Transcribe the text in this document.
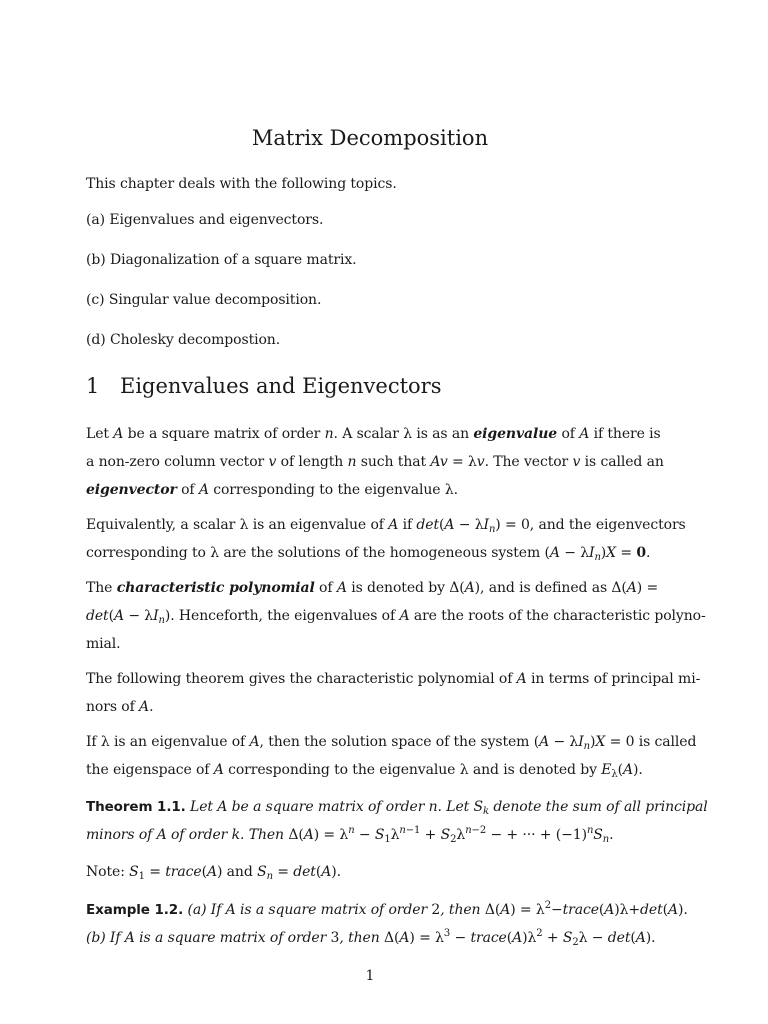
Matrix Decomposition
This chapter deals with the following topics.
(a) Eigenvalues and eigenvectors.
(b) Diagonalization of a square matrix.
(c) Singular value decomposition.
(d) Cholesky decompostion.
1 Eigenvalues and Eigenvectors
Let A be a square matrix of order n. A scalar λ is as an eigenvalue of A if there is
a non-zero column vector v of length n such that Av = λv. The vector v is called an
eigenvector of A corresponding to the eigenvalue λ.
Equivalently, a scalar λ is an eigenvalue of A if $\det(A - \lambda I_n) = 0$, and the eigenvectors
corresponding to λ are the solutions of the homogeneous system $(A - \lambda I_n)X = 0$.
The characteristic polynomial of A is denoted by Δ(A), and is defined as Δ(A) =
$\det(A - \lambda I_n)$. Henceforth, the eigenvalues of A are the roots of the characteristic polyno-
mial.
The following theorem gives the characteristic polynomial of A in terms of principal mi-
nors of A.
If λ is an eigenvalue of A, then the solution space of the system $(A - \lambda I_n)X = 0$ is called
the eigenspace of A corresponding to the eigenvalue λ and is denoted by $E_\lambda(A)$.
Theorem 1.1. Let A be a square matrix of order n. Let $S_k$ denote the sum of all principal
minors of A of order k. Then $\Delta(A) = \lambda^n - S_1\lambda^{n-1} + S_2\lambda^{n-2}$ − + ··· + $(-1)^nS_n$.
Note: $S_1$ = trace(A) and $S_n = \det(A)$.
Example 1.2. (a) If A is a square matrix of order 2, then $\Delta(A) = \lambda^2-trace(A)\lambda+\det(A)$.
(b) If A is a square matrix of order 3, then $\Delta(A) = \lambda^3$ − $trace(A)\lambda^2 + S_2\lambda - \det(A)$.
1
